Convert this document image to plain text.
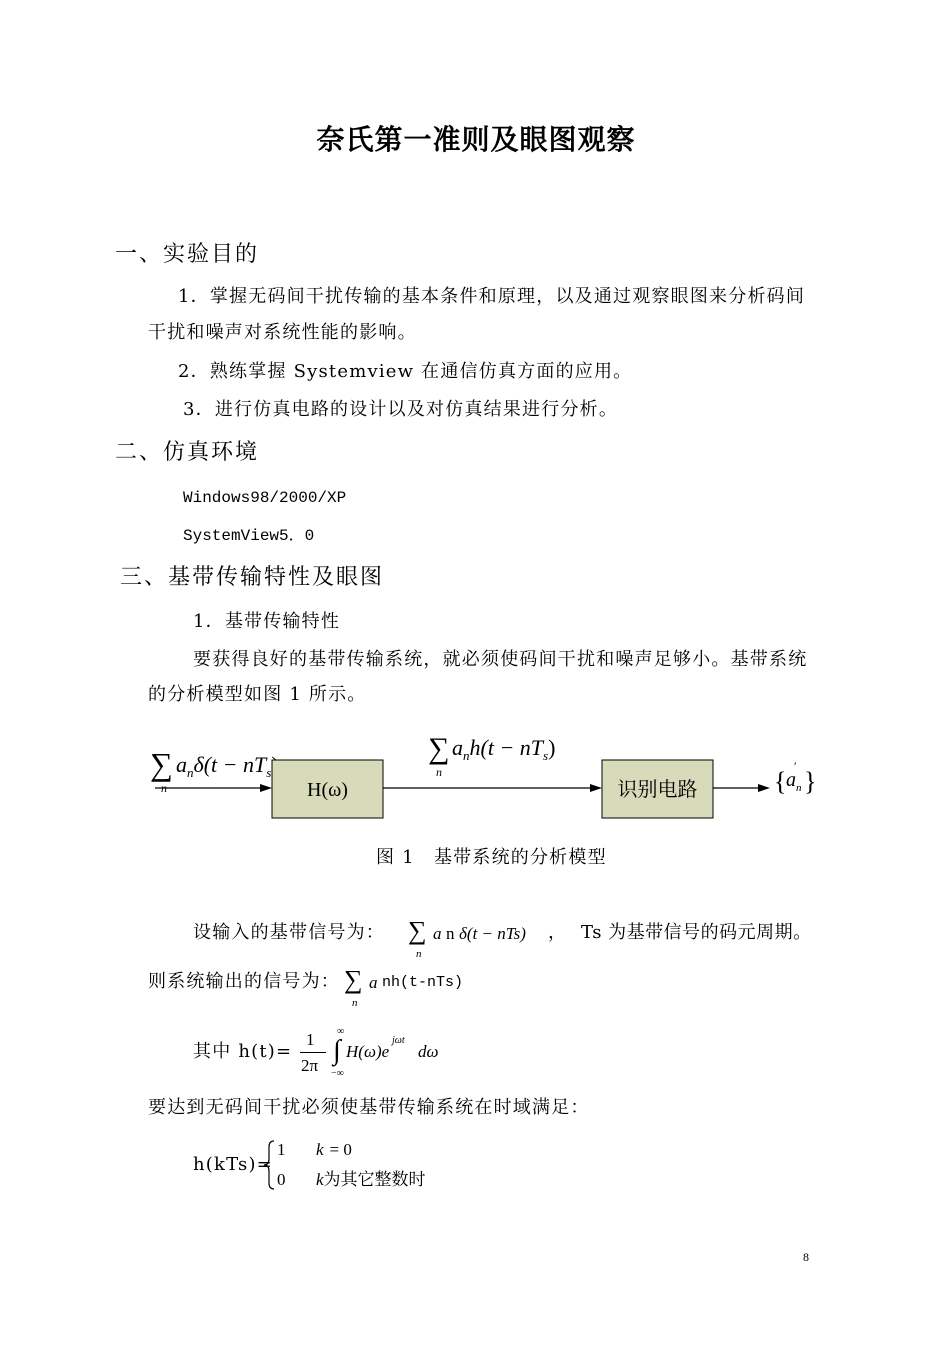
奈氏第一准则及眼图观察
一、实验目的
1．掌握无码间干扰传输的基本条件和原理，以及通过观察眼图来分析码间
干扰和噪声对系统性能的影响。
2．熟练掌握 Systemview 在通信仿真方面的应用。
3．进行仿真电路的设计以及对仿真结果进行分析。
二、仿真环境
Windows98/2000/XP
SystemView5．0
三、基带传输特性及眼图
1．基带传输特性
要获得良好的基带传输系统，就必须使码间干扰和噪声足够小。基带系统
的分析模型如图 1 所示。
∑
n
$a_n\delta(t - nT_s$
H(ω)
∑
n
$a_nh(t - nT_s)$
识别电路	{ a
′
n }
图 1　基带系统的分析模型
设输入的基带信号为： ∑
n
a n δ(t − nTs) ， Ts 为基带信号的码元周期。
则系统输出的信号为： ∑
n
a nh(t-nTs)
其中 h(t)=
1
2π
∞
∫
−∞
H(ω)e
jωt
dω
要达到无码间干扰必须使基带传输系统在时域满足：
h(kTs)=
1 k = 0
0 k为其它整数时
8
